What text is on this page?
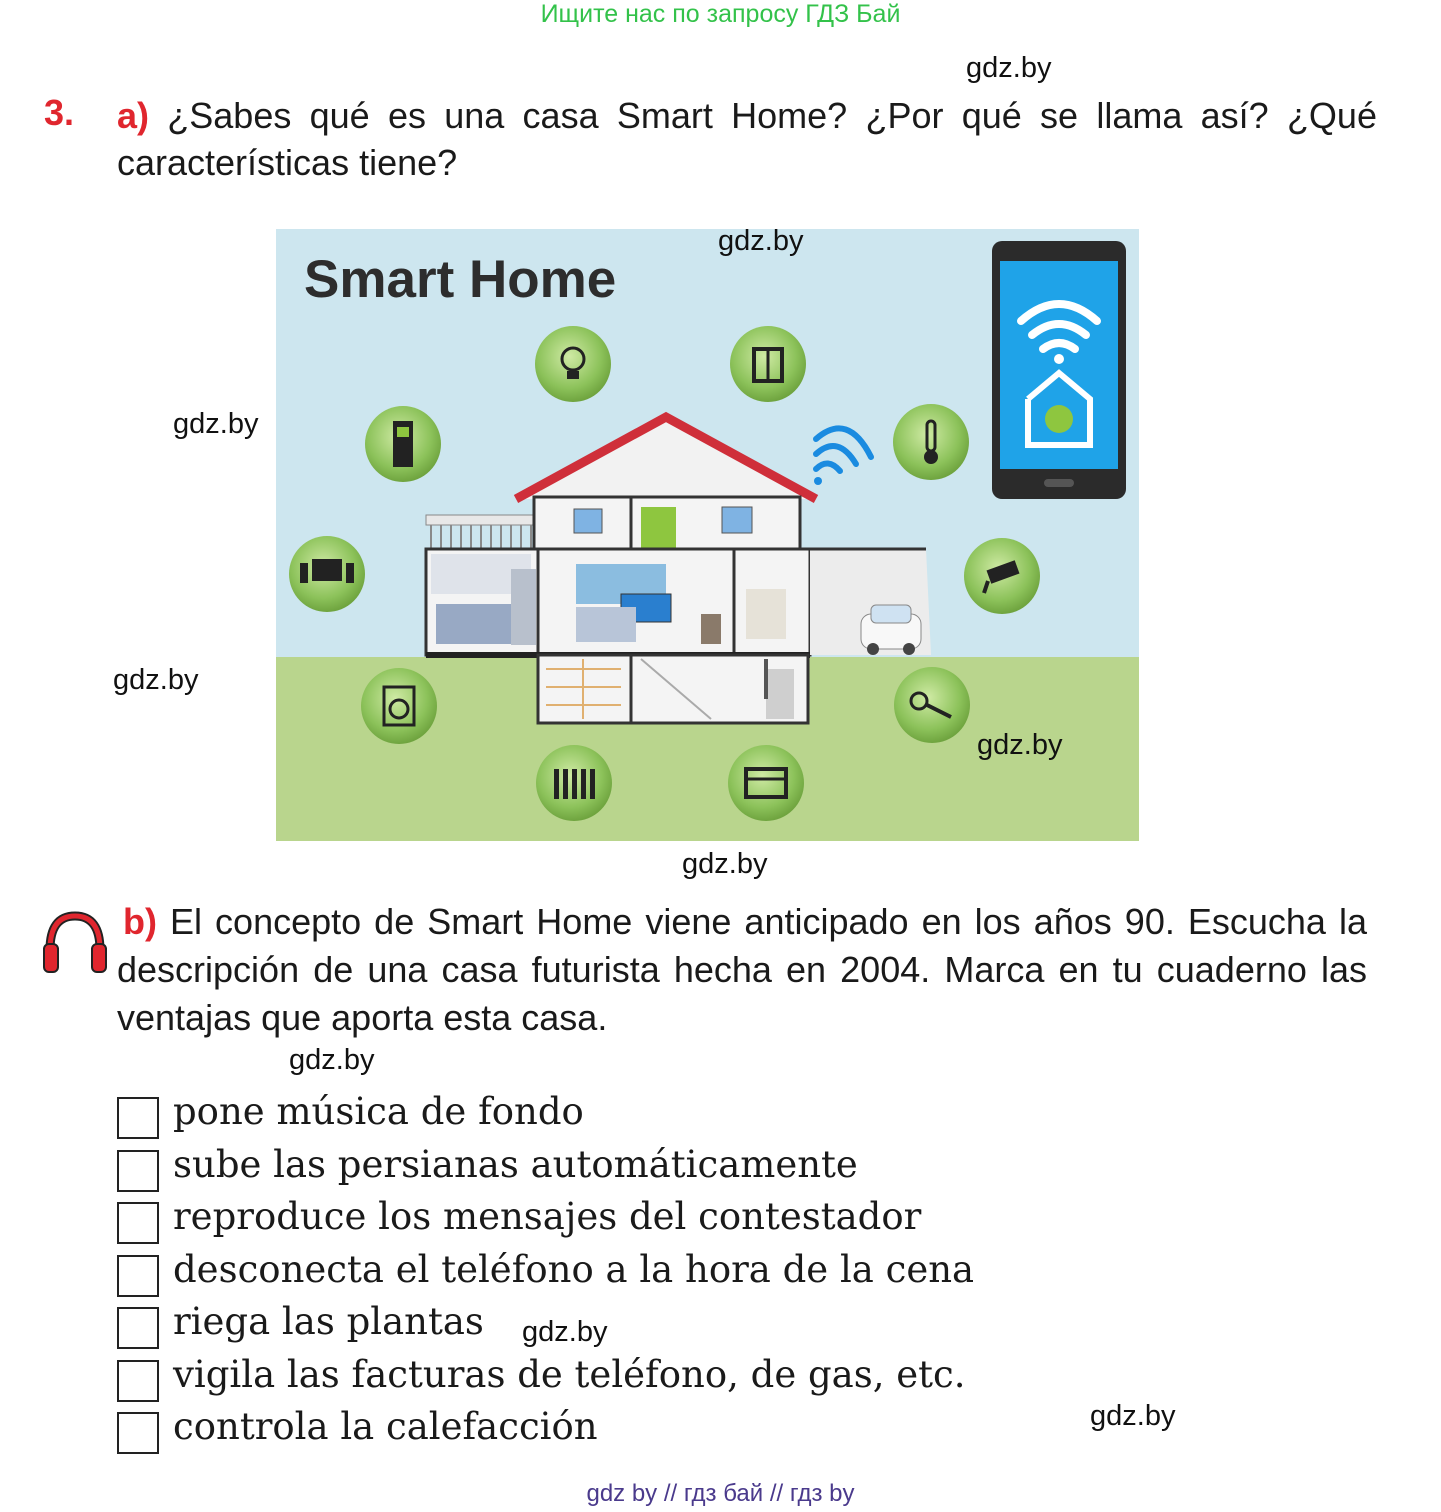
Ищите нас по запросу ГДЗ Бай
gdz.by
3. a) ¿Sabes qué es una casa Smart Home? ¿Por qué se llama así? ¿Qué características tiene?
Smart Home
gdz.by
gdz.by
gdz.by
gdz.by
gdz.by
b) El concepto de Smart Home viene anticipado en los años 90. Escucha la descripción de una casa futurista hecha en 2004. Marca en tu cuaderno las ventajas que aporta esta casa.
gdz.by
pone música de fondo
sube las persianas automáticamente
reproduce los mensajes del contestador
desconecta el teléfono a la hora de la cena
riega las plantas
vigila las facturas de teléfono, de gas, etc.
controla la calefacción
gdz.by
gdz.by
gdz by // гдз бай // гдз by
